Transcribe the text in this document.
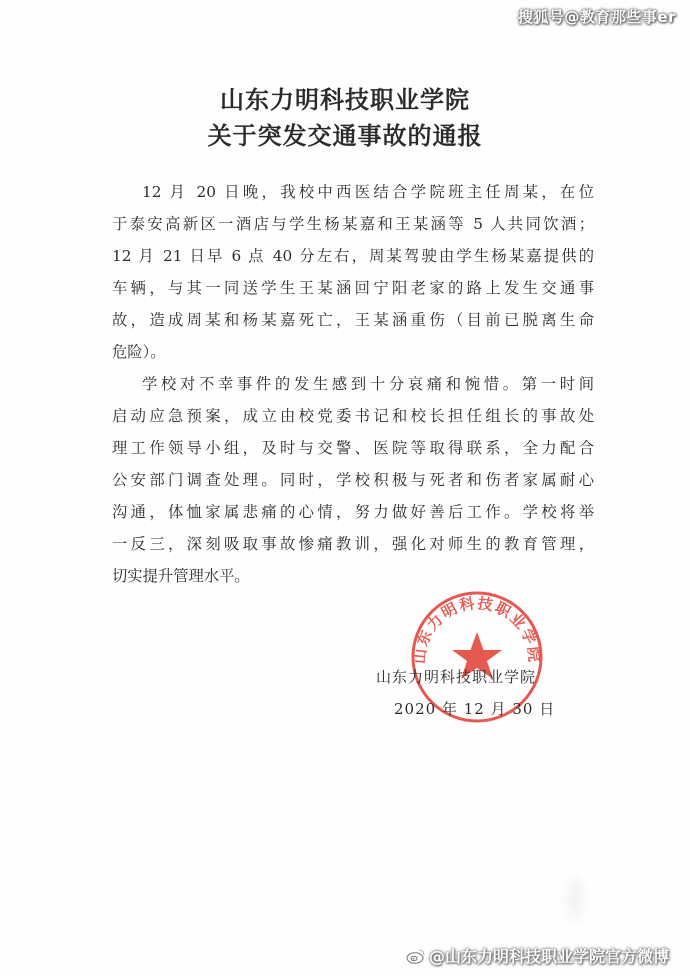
搜狐号@教育那些事er
山东力明科技职业学院
关于突发交通事故的通报
12 月 20 日晚，我校中西医结合学院班主任周某，在位
于泰安高新区一酒店与学生杨某嘉和王某涵等 5 人共同饮酒；
12 月 21 日早 6 点 40 分左右，周某驾驶由学生杨某嘉提供的
车辆，与其一同送学生王某涵回宁阳老家的路上发生交通事
故，造成周某和杨某嘉死亡，王某涵重伤（目前已脱离生命
危险）。
学校对不幸事件的发生感到十分哀痛和惋惜。第一时间
启动应急预案，成立由校党委书记和校长担任组长的事故处
理工作领导小组，及时与交警、医院等取得联系，全力配合
公安部门调查处理。同时，学校积极与死者和伤者家属耐心
沟通，体恤家属悲痛的心情，努力做好善后工作。学校将举
一反三，深刻吸取事故惨痛教训，强化对师生的教育管理，
切实提升管理水平。
山东力明科技职业学院
山东力明科技职业学院
2020 年 12 月 30 日
@山东力明科技职业学院官方微博
